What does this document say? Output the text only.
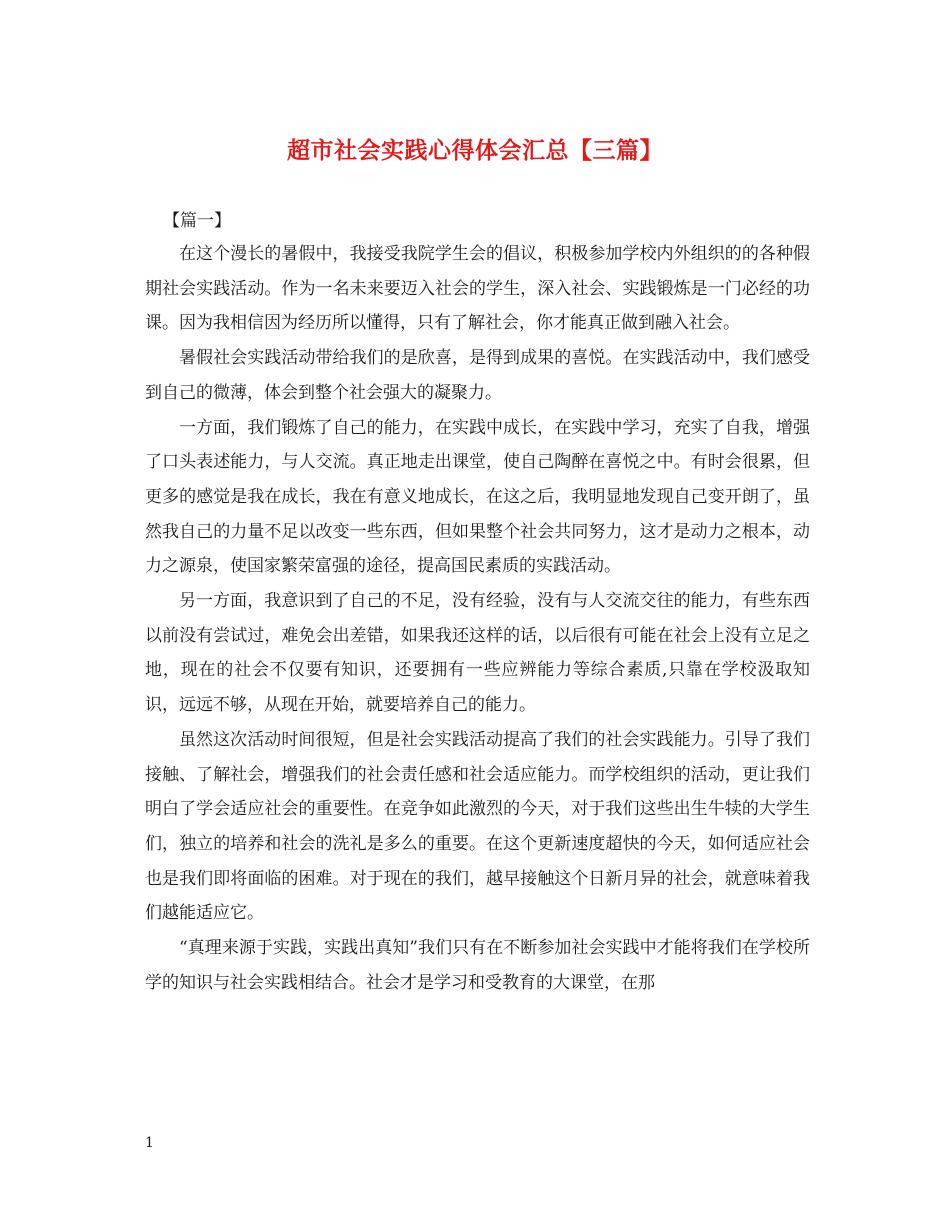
超市社会实践心得体会汇总【三篇】

【篇一】

在这个漫长的暑假中，我接受我院学生会的倡议，积极参加学校内外组织的的各种假期社会实践活动。作为一名未来要迈入社会的学生，深入社会、实践锻炼是一门必经的功课。因为我相信因为经历所以懂得，只有了解社会，你才能真正做到融入社会。

暑假社会实践活动带给我们的是欣喜，是得到成果的喜悦。在实践活动中，我们感受到自己的微薄，体会到整个社会强大的凝聚力。

一方面，我们锻炼了自己的能力，在实践中成长，在实践中学习，充实了自我，增强了口头表述能力，与人交流。真正地走出课堂，使自己陶醉在喜悦之中。有时会很累，但更多的感觉是我在成长，我在有意义地成长，在这之后，我明显地发现自己变开朗了，虽然我自己的力量不足以改变一些东西，但如果整个社会共同努力，这才是动力之根本，动力之源泉，使国家繁荣富强的途径，提高国民素质的实践活动。

另一方面，我意识到了自己的不足，没有经验，没有与人交流交往的能力，有些东西以前没有尝试过，难免会出差错，如果我还这样的话，以后很有可能在社会上没有立足之地，现在的社会不仅要有知识，还要拥有一些应辨能力等综合素质,只靠在学校汲取知识，远远不够，从现在开始，就要培养自己的能力。

虽然这次活动时间很短，但是社会实践活动提高了我们的社会实践能力。引导了我们接触、了解社会，增强我们的社会责任感和社会适应能力。而学校组织的活动，更让我们明白了学会适应社会的重要性。在竞争如此激烈的今天，对于我们这些出生牛犊的大学生们，独立的培养和社会的洗礼是多么的重要。在这个更新速度超快的今天，如何适应社会也是我们即将面临的困难。对于现在的我们，越早接触这个日新月异的社会，就意味着我们越能适应它。

“真理来源于实践，实践出真知”我们只有在不断参加社会实践中才能将我们在学校所学的知识与社会实践相结合。社会才是学习和受教育的大课堂，在那

1
